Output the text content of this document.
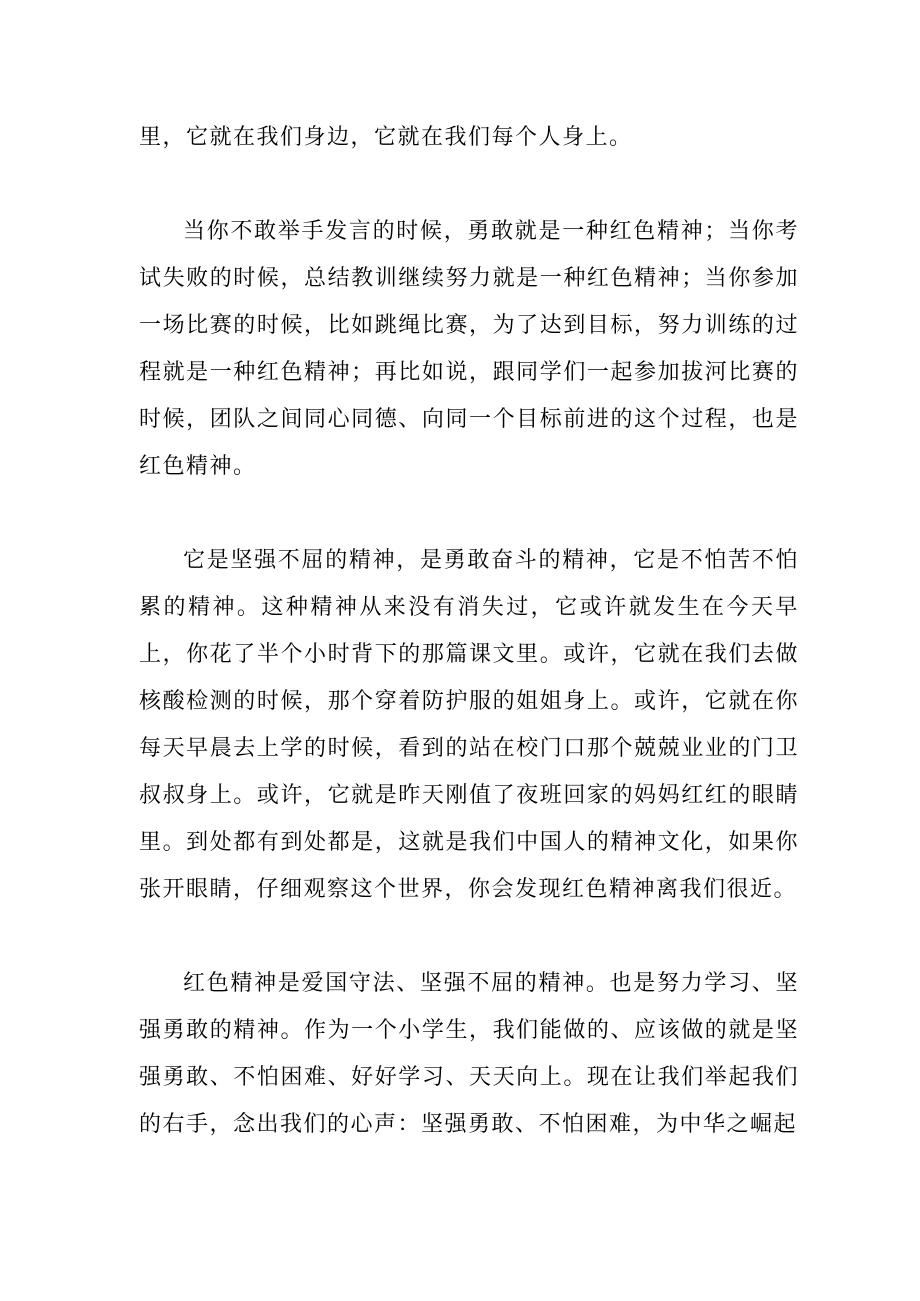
里，它就在我们身边，它就在我们每个人身上。

当你不敢举手发言的时候，勇敢就是一种红色精神；当你考试失败的时候，总结教训继续努力就是一种红色精神；当你参加一场比赛的时候，比如跳绳比赛，为了达到目标，努力训练的过程就是一种红色精神；再比如说，跟同学们一起参加拔河比赛的时候，团队之间同心同德、向同一个目标前进的这个过程，也是红色精神。

它是坚强不屈的精神，是勇敢奋斗的精神，它是不怕苦不怕累的精神。这种精神从来没有消失过，它或许就发生在今天早上，你花了半个小时背下的那篇课文里。或许，它就在我们去做核酸检测的时候，那个穿着防护服的姐姐身上。或许，它就在你每天早晨去上学的时候，看到的站在校门口那个兢兢业业的门卫叔叔身上。或许，它就是昨天刚值了夜班回家的妈妈红红的眼睛里。到处都有到处都是，这就是我们中国人的精神文化，如果你张开眼睛，仔细观察这个世界，你会发现红色精神离我们很近。

红色精神是爱国守法、坚强不屈的精神。也是努力学习、坚强勇敢的精神。作为一个小学生，我们能做的、应该做的就是坚强勇敢、不怕困难、好好学习、天天向上。现在让我们举起我们的右手，念出我们的心声：坚强勇敢、不怕困难，为中华之崛起
